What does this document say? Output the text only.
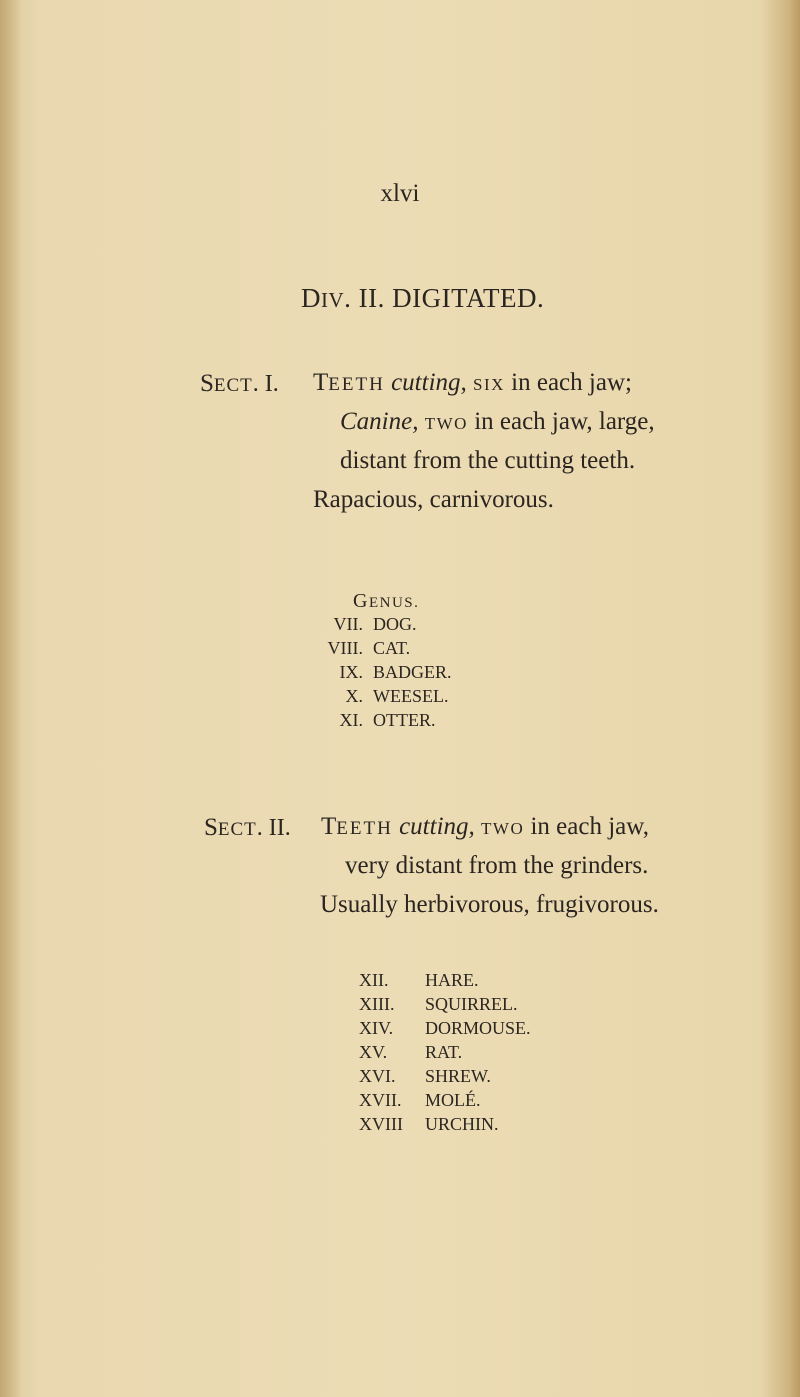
xlvi
DIV. II. DIGITATED.
SECT. I. TEETH cutting, SIX in each jaw;
Canine, TWO in each jaw, large,
distant from the cutting teeth.
Rapacious, carnivorous.
GENUS.
VII. DOG.
VIII. CAT.
IX. BADGER.
X. WEESEL.
XI. OTTER.
SECT. II. TEETH cutting, TWO in each jaw,
very distant from the grinders.
Usually herbivorous, frugivorous.
XII. HARE.
XIII. SQUIRREL.
XIV. DORMOUSE.
XV. RAT.
XVI. SHREW.
XVII. MOLÉ.
XVIII URCHIN.
